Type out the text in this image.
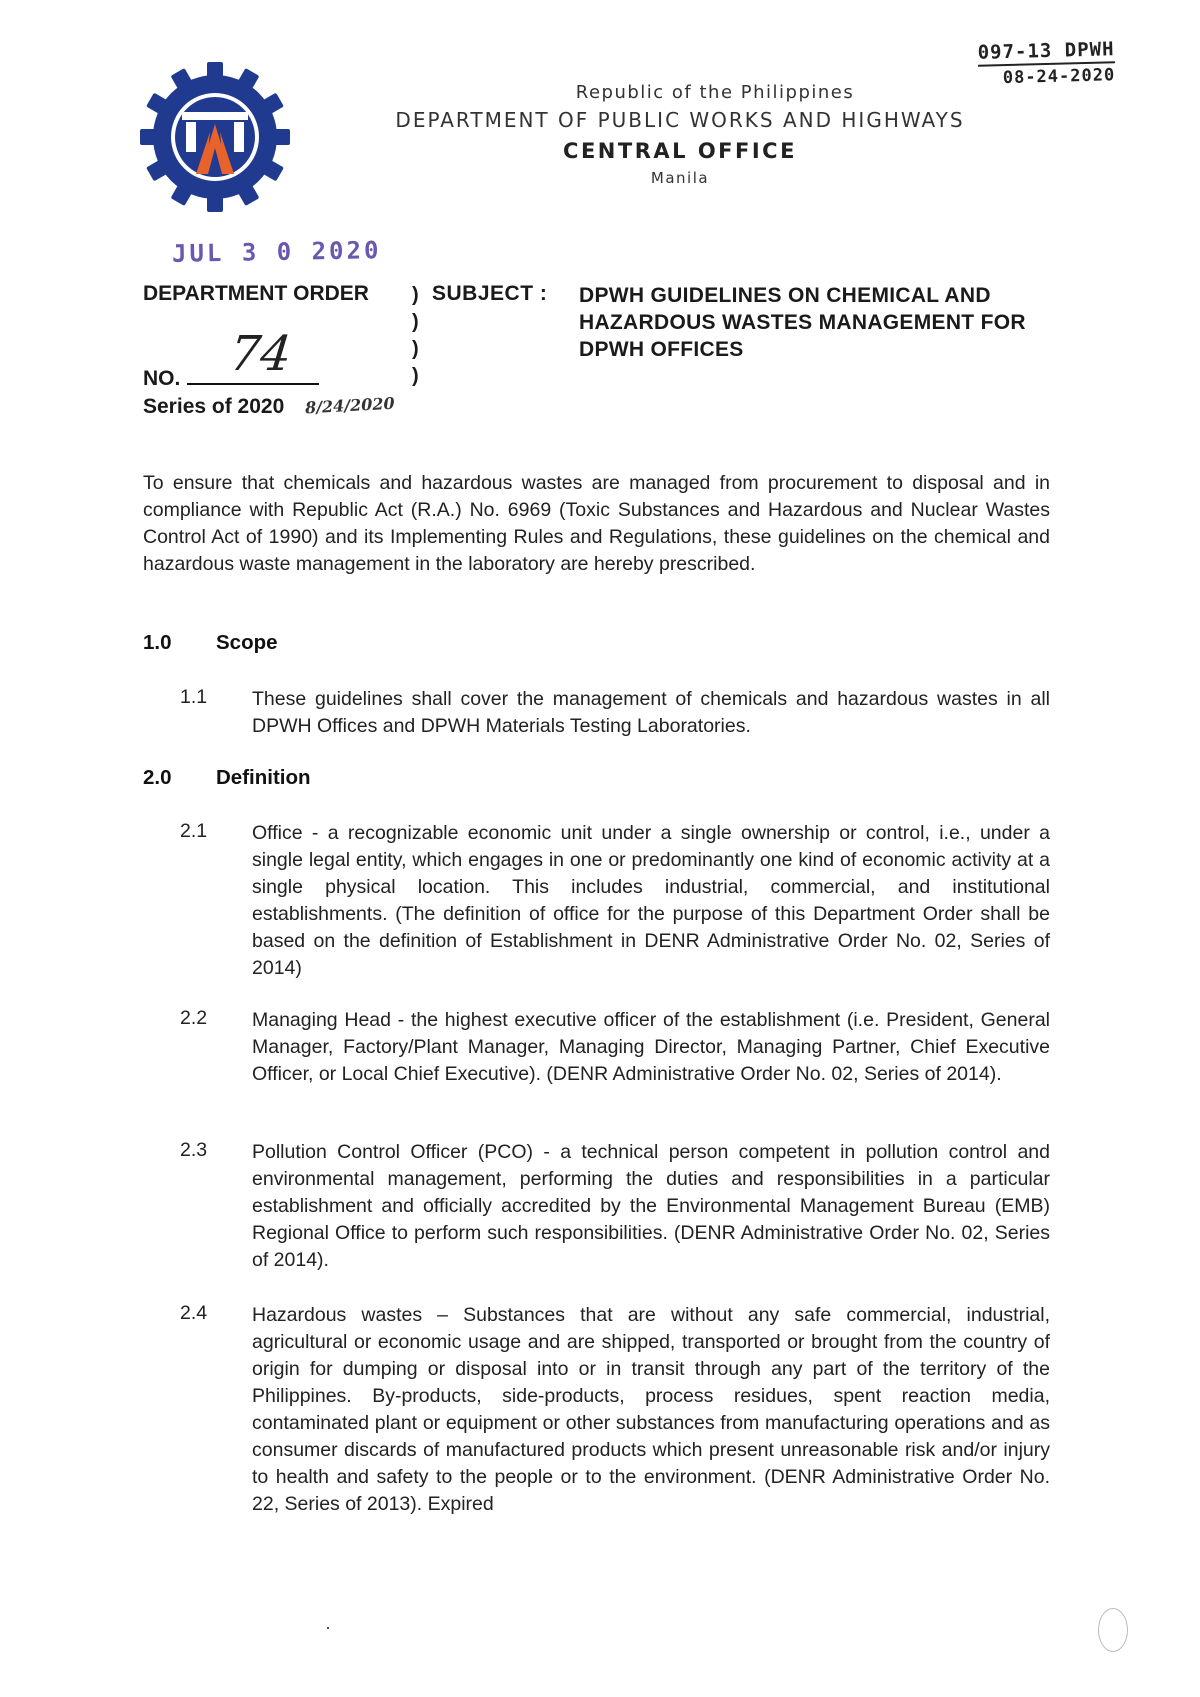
097-13 DPWH
08-24-2020
Republic of the Philippines
DEPARTMENT OF PUBLIC WORKS AND HIGHWAYS
CENTRAL OFFICE
Manila
JUL 3 0 2020
DEPARTMENT ORDER )
)
)
)
NO. 74
Series of 2020 8/24/2020
SUBJECT : DPWH GUIDELINES ON CHEMICAL AND HAZARDOUS WASTES MANAGEMENT FOR DPWH OFFICES
To ensure that chemicals and hazardous wastes are managed from procurement to disposal and in compliance with Republic Act (R.A.) No. 6969 (Toxic Substances and Hazardous and Nuclear Wastes Control Act of 1990) and its Implementing Rules and Regulations, these guidelines on the chemical and hazardous waste management in the laboratory are hereby prescribed.
1.0 Scope
1.1 These guidelines shall cover the management of chemicals and hazardous wastes in all DPWH Offices and DPWH Materials Testing Laboratories.
2.0 Definition
2.1 Office - a recognizable economic unit under a single ownership or control, i.e., under a single legal entity, which engages in one or predominantly one kind of economic activity at a single physical location. This includes industrial, commercial, and institutional establishments. (The definition of office for the purpose of this Department Order shall be based on the definition of Establishment in DENR Administrative Order No. 02, Series of 2014)
2.2 Managing Head - the highest executive officer of the establishment (i.e. President, General Manager, Factory/Plant Manager, Managing Director, Managing Partner, Chief Executive Officer, or Local Chief Executive). (DENR Administrative Order No. 02, Series of 2014).
2.3 Pollution Control Officer (PCO) - a technical person competent in pollution control and environmental management, performing the duties and responsibilities in a particular establishment and officially accredited by the Environmental Management Bureau (EMB) Regional Office to perform such responsibilities. (DENR Administrative Order No. 02, Series of 2014).
2.4 Hazardous wastes – Substances that are without any safe commercial, industrial, agricultural or economic usage and are shipped, transported or brought from the country of origin for dumping or disposal into or in transit through any part of the territory of the Philippines. By-products, side-products, process residues, spent reaction media, contaminated plant or equipment or other substances from manufacturing operations and as consumer discards of manufactured products which present unreasonable risk and/or injury to health and safety to the people or to the environment. (DENR Administrative Order No. 22, Series of 2013). Expired
